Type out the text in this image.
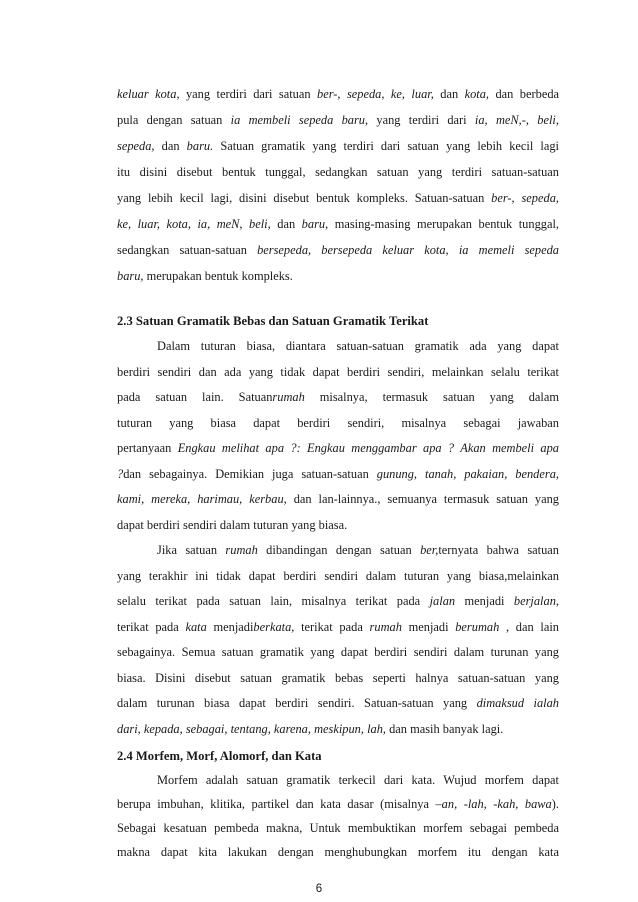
keluar kota, yang terdiri dari satuan ber-, sepeda, ke, luar, dan kota, dan berbeda
pula dengan satuan ia membeli sepeda baru, yang terdiri dari ia, meN,-, beli,
sepeda, dan baru. Satuan gramatik yang terdiri dari satuan yang lebih kecil lagi
itu disini disebut bentuk tunggal, sedangkan satuan yang terdiri satuan-satuan
yang lebih kecil lagi, disini disebut bentuk kompleks. Satuan-satuan ber-, sepeda,
ke, luar, kota, ia, meN, beli, dan baru, masing-masing merupakan bentuk tunggal,
sedangkan satuan-satuan bersepeda, bersepeda keluar kota, ia memeli sepeda
baru, merupakan bentuk kompleks.
2.3 Satuan Gramatik Bebas dan Satuan Gramatik Terikat
Dalam tuturan biasa, diantara satuan-satuan gramatik ada yang dapat
berdiri sendiri dan ada yang tidak dapat berdiri sendiri, melainkan selalu terikat
pada satuan lain. Satuanrumah misalnya, termasuk satuan yang dalam
tuturan yang biasa dapat berdiri sendiri, misalnya sebagai jawaban
pertanyaan Engkau melihat apa ?: Engkau menggambar apa ? Akan membeli apa
?dan sebagainya. Demikian juga satuan-satuan gunung, tanah, pakaian, bendera,
kami, mereka, harimau, kerbau, dan lan-lainnya., semuanya termasuk satuan yang
dapat berdiri sendiri dalam tuturan yang biasa.
Jika satuan rumah dibandingan dengan satuan ber,ternyata bahwa satuan
yang terakhir ini tidak dapat berdiri sendiri dalam tuturan yang biasa,melainkan
selalu terikat pada satuan lain, misalnya terikat pada jalan menjadi berjalan,
terikat pada kata menjadiberkata, terikat pada rumah menjadi berumah , dan lain
sebagainya. Semua satuan gramatik yang dapat berdiri sendiri dalam turunan yang
biasa. Disini disebut satuan gramatik bebas seperti halnya satuan-satuan yang
dalam turunan biasa dapat berdiri sendiri. Satuan-satuan yang dimaksud ialah
dari, kepada, sebagai, tentang, karena, meskipun, lah, dan masih banyak lagi.
2.4 Morfem, Morf, Alomorf, dan Kata
Morfem adalah satuan gramatik terkecil dari kata. Wujud morfem dapat
berupa imbuhan, klitika, partikel dan kata dasar (misalnya –an, -lah, -kah, bawa).
Sebagai kesatuan pembeda makna, Untuk membuktikan morfem sebagai pembeda
makna dapat kita lakukan dengan menghubungkan morfem itu dengan kata
6
